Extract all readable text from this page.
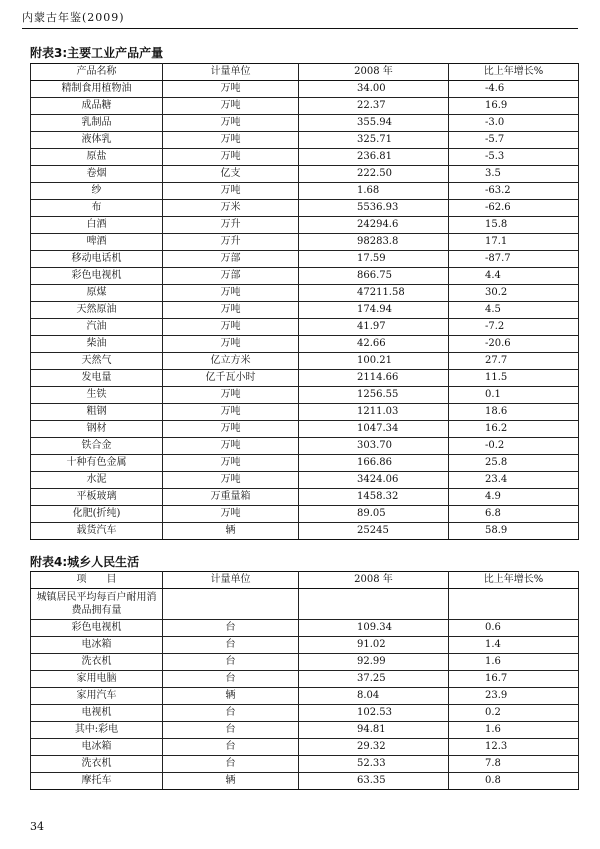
内蒙古年鉴(2009)
附表3:主要工业产品产量
产品名称	计量单位	2008 年	比上年增长%
精制食用植物油	万吨	34.00	-4.6
成品糖	万吨	22.37	16.9
乳制品	万吨	355.94	-3.0
液体乳	万吨	325.71	-5.7
原盐	万吨	236.81	-5.3
卷烟	亿支	222.50	3.5
纱	万吨	1.68	-63.2
布	万米	5536.93	-62.6
白酒	万升	24294.6	15.8
啤酒	万升	98283.8	17.1
移动电话机	万部	17.59	-87.7
彩色电视机	万部	866.75	4.4
原煤	万吨	47211.58	30.2
天然原油	万吨	174.94	4.5
汽油	万吨	41.97	-7.2
柴油	万吨	42.66	-20.6
天然气	亿立方米	100.21	27.7
发电量	亿千瓦小时	2114.66	11.5
生铁	万吨	1256.55	0.1
粗钢	万吨	1211.03	18.6
钢材	万吨	1047.34	16.2
铁合金	万吨	303.70	-0.2
十种有色金属	万吨	166.86	25.8
水泥	万吨	3424.06	23.4
平板玻璃	万重量箱	1458.32	4.9
化肥(折纯)	万吨	89.05	6.8
载货汽车	辆	25245	58.9
附表4:城乡人民生活
项　　目	计量单位	2008 年	比上年增长%
城镇居民平均每百户耐用消费品拥有量			
彩色电视机	台	109.34	0.6
电冰箱	台	91.02	1.4
洗衣机	台	92.99	1.6
家用电脑	台	37.25	16.7
家用汽车	辆	8.04	23.9
电视机	台	102.53	0.2
其中:彩电	台	94.81	1.6
电冰箱	台	29.32	12.3
洗衣机	台	52.33	7.8
摩托车	辆	63.35	0.8
34
